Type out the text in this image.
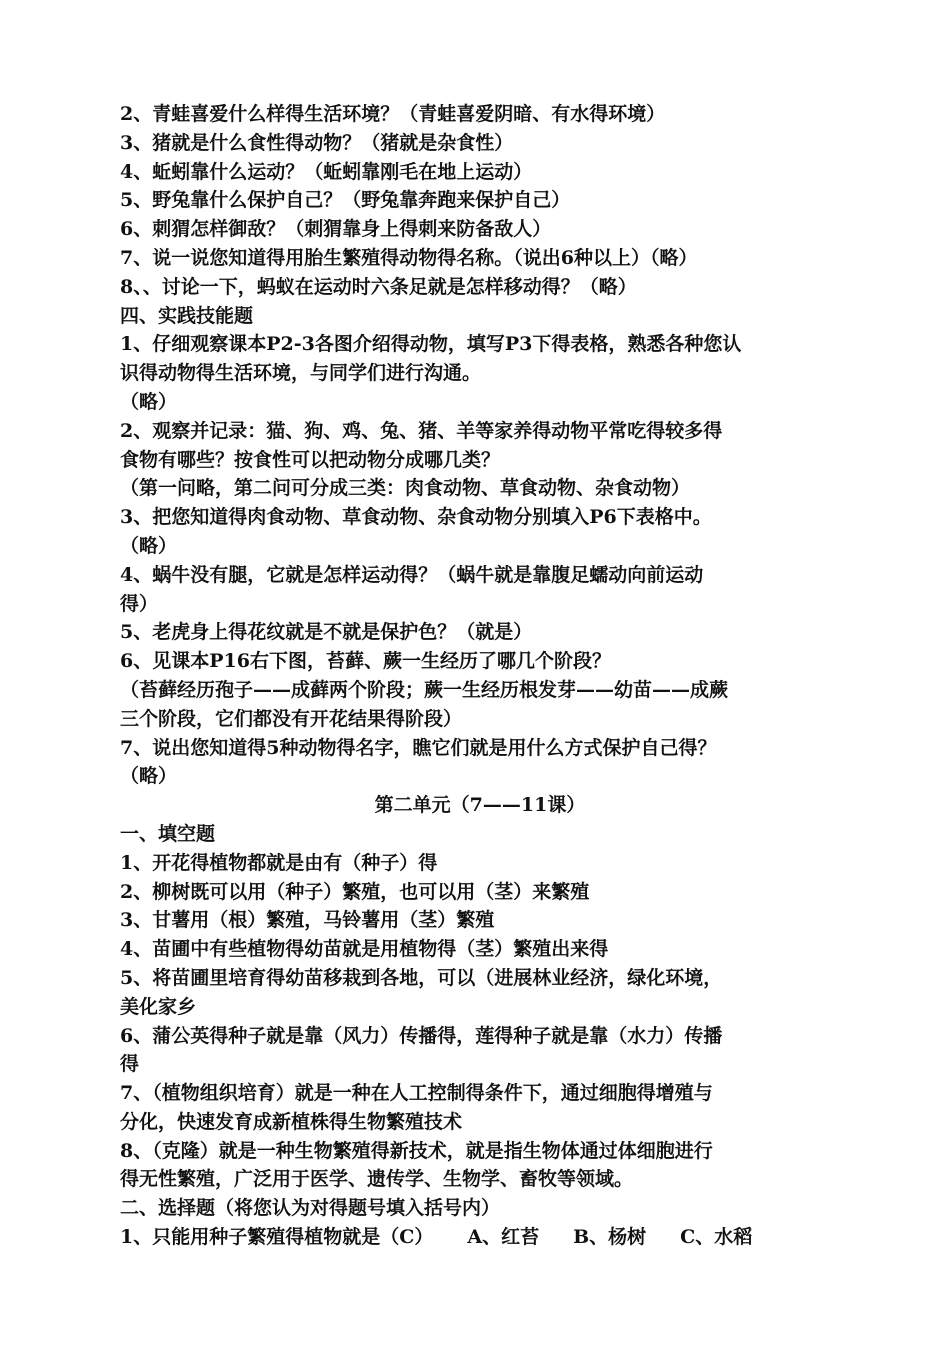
2、青蛙喜爱什么样得生活环境？（青蛙喜爱阴暗、有水得环境）
3、猪就是什么食性得动物？（猪就是杂食性）
4、蚯蚓靠什么运动？（蚯蚓靠刚毛在地上运动）
5、野兔靠什么保护自己？（野兔靠奔跑来保护自己）
6、刺猬怎样御敌？（刺猬靠身上得刺来防备敌人）
7、说一说您知道得用胎生繁殖得动物得名称。（说出6种以上）（略）
8、、讨论一下，蚂蚁在运动时六条足就是怎样移动得？（略）
四、实践技能题
1、仔细观察课本P2-3各图介绍得动物，填写P3下得表格，熟悉各种您认
识得动物得生活环境，与同学们进行沟通。
（略）
2、观察并记录：猫、狗、鸡、兔、猪、羊等家养得动物平常吃得较多得
食物有哪些？按食性可以把动物分成哪几类？
（第一问略，第二问可分成三类：肉食动物、草食动物、杂食动物）
3、把您知道得肉食动物、草食动物、杂食动物分别填入P6下表格中。
（略）
4、蜗牛没有腿，它就是怎样运动得？（蜗牛就是靠腹足蠕动向前运动
得）
5、老虎身上得花纹就是不就是保护色？（就是）
6、见课本P16右下图，苔藓、蕨一生经历了哪几个阶段？
（苔藓经历孢子——成藓两个阶段；蕨一生经历根发芽——幼苗——成蕨
三个阶段，它们都没有开花结果得阶段）
7、说出您知道得5种动物得名字，瞧它们就是用什么方式保护自己得？
（略）
第二单元（7——11课）
一、填空题
1、开花得植物都就是由有（种子）得
2、柳树既可以用（种子）繁殖，也可以用（茎）来繁殖
3、甘薯用（根）繁殖，马铃薯用（茎）繁殖
4、苗圃中有些植物得幼苗就是用植物得（茎）繁殖出来得
5、将苗圃里培育得幼苗移栽到各地，可以（进展林业经济，绿化环境，
美化家乡
6、蒲公英得种子就是靠（风力）传播得，莲得种子就是靠（水力）传播
得
7、（植物组织培育）就是一种在人工控制得条件下，通过细胞得增殖与
分化，快速发育成新植株得生物繁殖技术
8、（克隆）就是一种生物繁殖得新技术，就是指生物体通过体细胞进行
得无性繁殖，广泛用于医学、遗传学、生物学、畜牧等领域。
二、选择题（将您认为对得题号填入括号内）
1、只能用种子繁殖得植物就是（C） A、红苔 B、杨树 C、水稻
